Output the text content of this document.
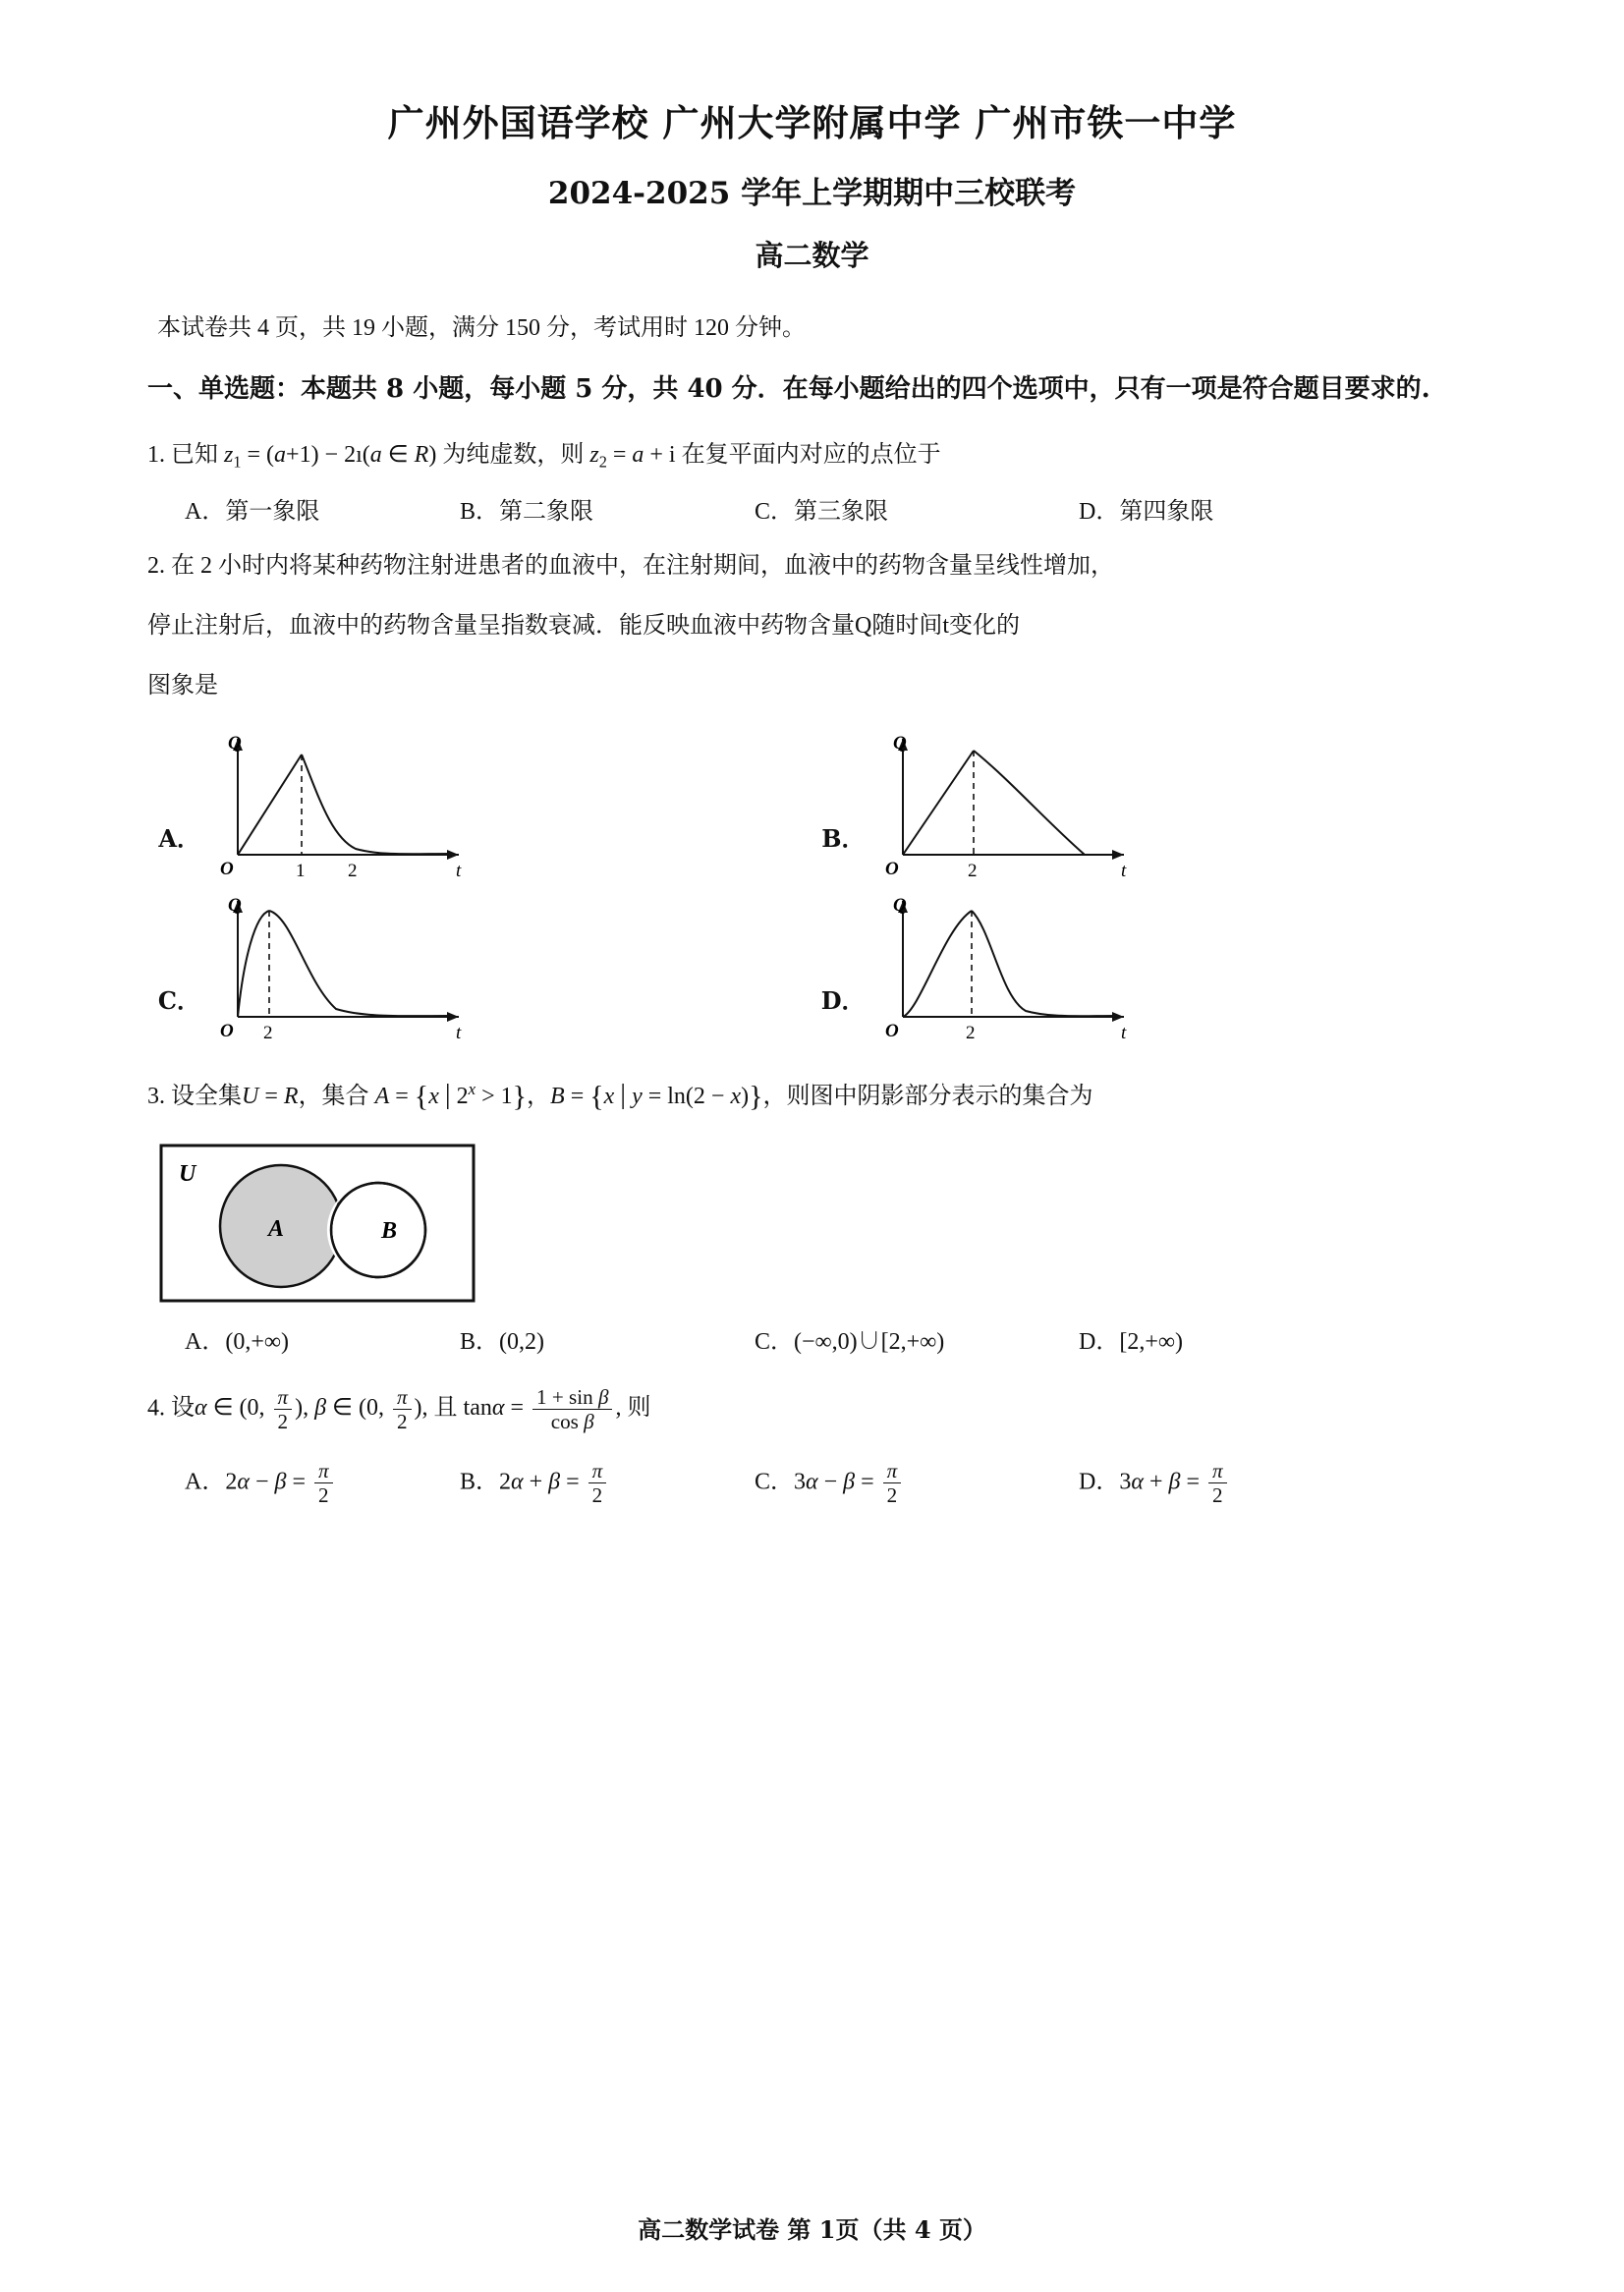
广州外国语学校 广州大学附属中学 广州市铁一中学
2024-2025 学年上学期期中三校联考
高二数学
本试卷共 4 页，共 19 小题，满分 150 分，考试用时 120 分钟。
一、单选题：本题共 8 小题，每小题 5 分，共 40 分．在每小题给出的四个选项中，只有一项是符合题目要求的.
1. 已知 $z_1 = (a+1)$ − 2ı(a ∈ R) 为纯虚数，则 $z_2 = a + i$ 在复平面内对应的点位于
A．第一象限	B．第二象限	C．第三象限	D．第四象限
2. 在 2 小时内将某种药物注射进患者的血液中，在注射期间，血液中的药物含量呈线性增加，
停止注射后，血液中的药物含量呈指数衰减．能反映血液中药物含量Q随时间t变化的
图象是
A．
Q
O	1 2	t
B．
Q
O	2	t
C．
Q
O 2	t
D．
Q
O	2	t
3. 设全集U = R，集合 A = {x | $2^x > 1$}，B = {x | y = ln(2 − x)}，则图中阴影部分表示的集合为
U
A	B
A．(0,+∞)	B．(0,2)	C．(−∞,0)∪[2,+∞)	D．[2,+∞)
4. 设α ∈ (0, $\frac{\pi}{2}$ ), β ∈ (0, $\frac{\pi}{2}$ ), 且 $\tan\alpha = \frac{\text{1 + sin β}}{\text{cos β}}$ , 则
A．$2\alpha - \beta = \frac{\pi}{2}$	B．$2\alpha + \beta = \frac{\pi}{2}$	C．$3\alpha - \beta = \frac{\pi}{2}$	D．$3\alpha + \beta = \frac{\pi}{2}$
高二数学试卷 第 1页（共 4 页）
